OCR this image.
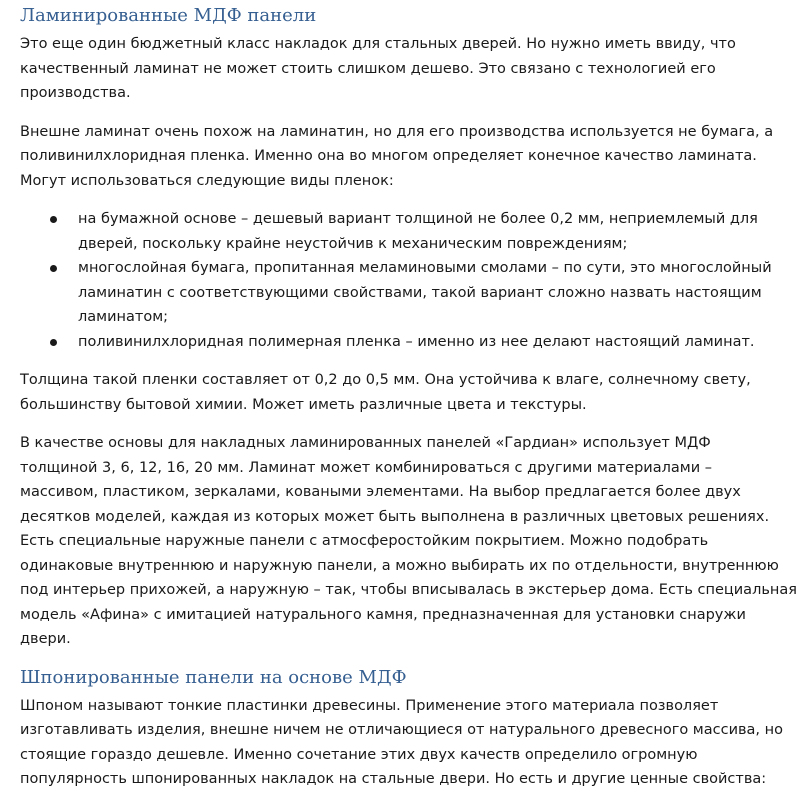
Ламинированные МДФ панели

Это еще один бюджетный класс накладок для стальных дверей. Но нужно иметь ввиду, что
качественный ламинат не может стоить слишком дешево. Это связано с технологией его
производства.

Внешне ламинат очень похож на ламинатин, но для его производства используется не бумага, а
поливинилхлоридная пленка. Именно она во многом определяет конечное качество ламината.
Могут использоваться следующие виды пленок:

на бумажной основе – дешевый вариант толщиной не более 0,2 мм, неприемлемый для
дверей, поскольку крайне неустойчив к механическим повреждениям;
многослойная бумага, пропитанная меламиновыми смолами – по сути, это многослойный
ламинатин с соответствующими свойствами, такой вариант сложно назвать настоящим
ламинатом;
поливинилхлоридная полимерная пленка – именно из нее делают настоящий ламинат.

Толщина такой пленки составляет от 0,2 до 0,5 мм. Она устойчива к влаге, солнечному свету,
большинству бытовой химии. Может иметь различные цвета и текстуры.

В качестве основы для накладных ламинированных панелей «Гардиан» использует МДФ
толщиной 3, 6, 12, 16, 20 мм. Ламинат может комбинироваться с другими материалами –
массивом, пластиком, зеркалами, коваными элементами. На выбор предлагается более двух
десятков моделей, каждая из которых может быть выполнена в различных цветовых решениях.
Есть специальные наружные панели с атмосферостойким покрытием. Можно подобрать
одинаковые внутреннюю и наружную панели, а можно выбирать их по отдельности, внутреннюю
под интерьер прихожей, а наружную – так, чтобы вписывалась в экстерьер дома. Есть специальная
модель «Афина» с имитацией натурального камня, предназначенная для установки снаружи
двери.

Шпонированные панели на основе МДФ

Шпоном называют тонкие пластинки древесины. Применение этого материала позволяет
изготавливать изделия, внешне ничем не отличающиеся от натурального древесного массива, но
стоящие гораздо дешевле. Именно сочетание этих двух качеств определило огромную
популярность шпонированных накладок на стальные двери. Но есть и другие ценные свойства:
